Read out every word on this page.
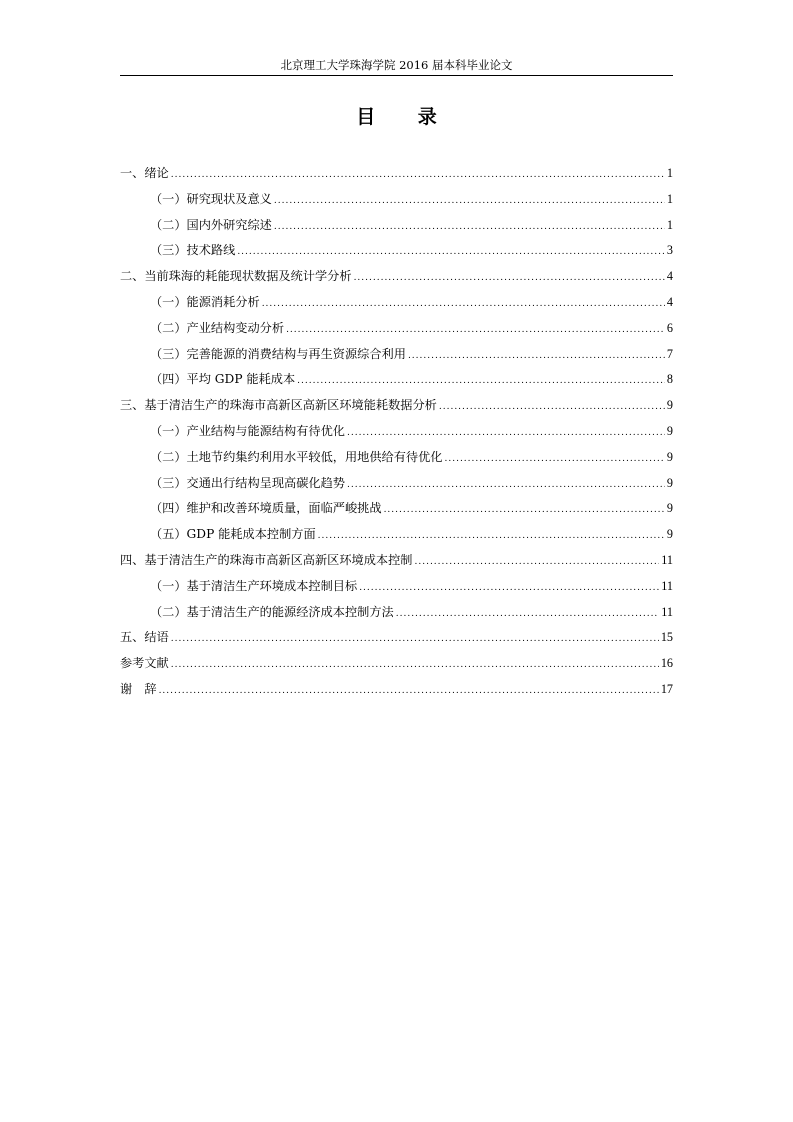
北京理工大学珠海学院 2016 届本科毕业论文
目 录
一、绪论 .....	1
（一）研究现状及意义 .....	1
（二）国内外研究综述 .....	1
（三）技术路线 .....	3
二、当前珠海的耗能现状数据及统计学分析 .....	4
（一）能源消耗分析 .....	4
（二）产业结构变动分析 .....	6
（三）完善能源的消费结构与再生资源综合利用 .....	7
（四）平均 GDP 能耗成本 .....	8
三、基于清洁生产的珠海市高新区高新区环境能耗数据分析 .....	9
（一）产业结构与能源结构有待优化 .....	9
（二）土地节约集约利用水平较低，用地供给有待优化 .....	9
（三）交通出行结构呈现高碳化趋势 .....	9
（四）维护和改善环境质量，面临严峻挑战 .....	9
（五）GDP 能耗成本控制方面 .....	9
四、基于清洁生产的珠海市高新区高新区环境成本控制 .....	11
（一）基于清洁生产环境成本控制目标 .....	11
（二）基于清洁生产的能源经济成本控制方法 .....	11
五、结语 .....	15
参考文献 .....	16
谢　辞 .....	17
